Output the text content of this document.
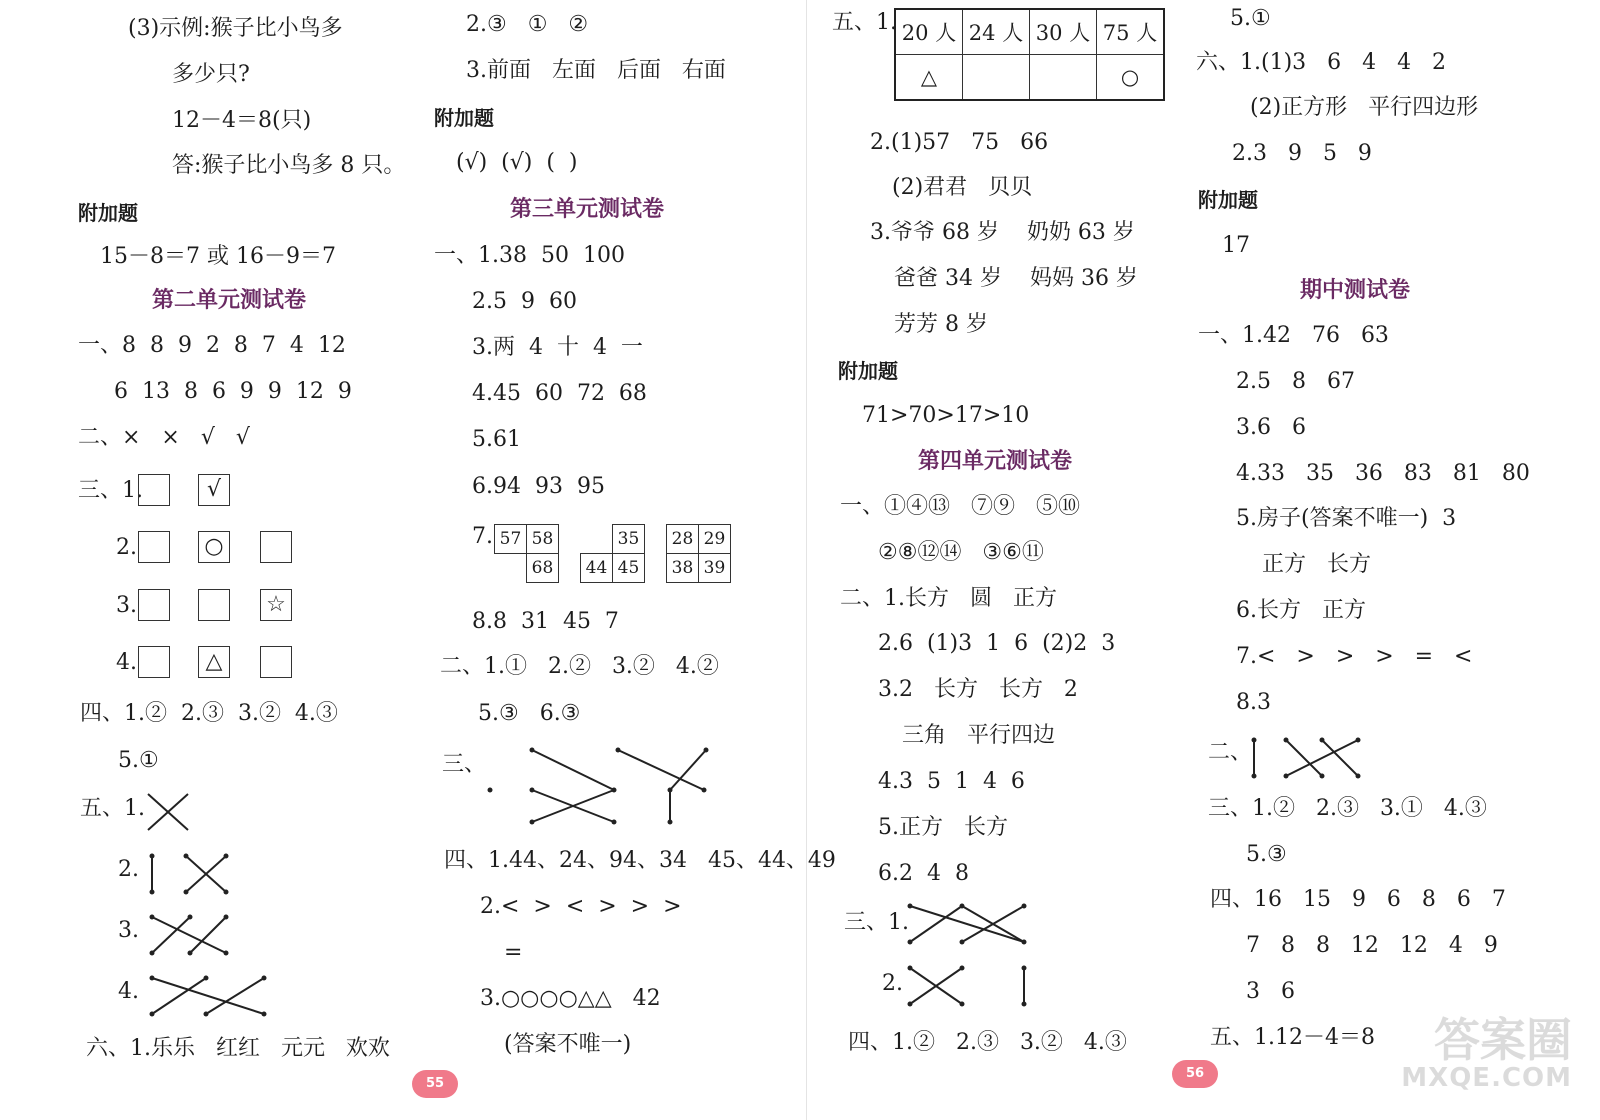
(3)示例:猴子比小鸟多
多少只?
12－4＝8(只)
答:猴子比小鸟多 8 只。
附加题
15－8＝7 或 16－9＝7
第二单元测试卷
一、8  8  9  2  8  7  4  12
6  13  8  6  9  9  12  9
二、×   ×   √   √
三、1.	√
2.	○
3.	☆
4.	△
四、1.②  2.③  3.②  4.③
5.①
五、1.
2.
3.
4.
六、1.乐乐   红红   元元   欢欢
2.③   ①   ②
3.前面   左面   后面   右面
附加题
(√)  (√)  (  )
第三单元测试卷
一、1.38  50  100
2.5  9  60
3.两  4  十  4  一
4.45  60  72  68
5.61
6.94  93  95
7. 57 58
68
35
44 45
28 29
38 39
8.8  31  45  7
二、1.①   2.②   3.②   4.②
5.③   6.③
三、
四、1.44、24、94、34   45、44、49
2.<  >  <  >  >  >
=
3.○○○○△△   42
(答案不唯一)
55
五、1. 20 人	24 人	30 人	75 人
△			○
2.(1)57   75   66
(2)君君   贝贝
3.爷爷 68 岁    奶奶 63 岁
爸爸 34 岁    妈妈 36 岁
芳芳 8 岁
附加题
71>70>17>10
第四单元测试卷
一、①④⑬   ⑦⑨   ⑤⑩
②⑧⑫⑭   ③⑥⑪
二、1.长方   圆   正方
2.6  (1)3  1  6  (2)2  3
3.2   长方   长方   2
三角   平行四边
4.3  5  1  4  6
5.正方   长方
6.2  4  8
三、1.
2.
四、1.②   2.③   3.②   4.③
5.①
六、1.(1)3   6   4   4   2
(2)正方形   平行四边形
2.3   9   5   9
附加题
17
期中测试卷
一、1.42   76   63
2.5   8   67
3.6   6
4.33   35   36   83   81   80
5.房子(答案不唯一)  3
正方   长方
6.长方   正方
7.<   >   >   >   =   <
8.3
二、
三、1.②   2.③   3.①   4.③
5.③
四、16   15   9   6   8   6   7
7   8   8   12   12   4   9
3   6
五、1.12－4＝8
56
答案圈
MXQE.COM
